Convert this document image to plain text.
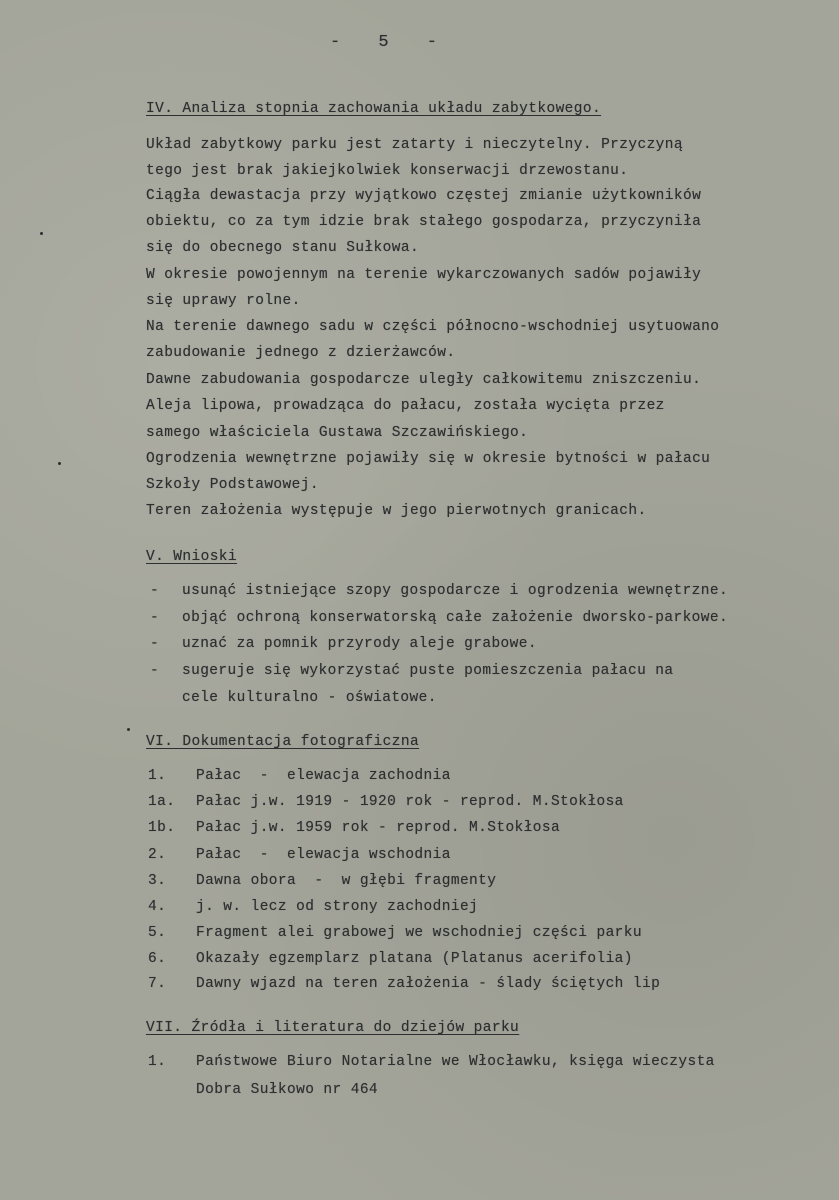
- 5 -
IV. Analiza stopnia zachowania układu zabytkowego.
Układ zabytkowy parku jest zatarty i nieczytelny. Przyczyną
tego jest brak jakiejkolwiek konserwacji drzewostanu.
Ciągła dewastacja przy wyjątkowo częstej zmianie użytkowników
obiektu, co za tym idzie brak stałego gospodarza, przyczyniła
się do obecnego stanu Sułkowa.
W okresie powojennym na terenie wykarczowanych sadów pojawiły
się uprawy rolne.
Na terenie dawnego sadu w części północno-wschodniej usytuowano
zabudowanie jednego z dzierżawców.
Dawne zabudowania gospodarcze uległy całkowitemu zniszczeniu.
Aleja lipowa, prowadząca do pałacu, została wycięta przez
samego właściciela Gustawa Szczawińskiego.
Ogrodzenia wewnętrzne pojawiły się w okresie bytności w pałacu
Szkoły Podstawowej.
Teren założenia występuje w jego pierwotnych granicach.
V. Wnioski
- usunąć istniejące szopy gospodarcze i ogrodzenia wewnętrzne.
- objąć ochroną konserwatorską całe założenie dworsko-parkowe.
- uznać za pomnik przyrody aleje grabowe.
- sugeruje się wykorzystać puste pomieszczenia pałacu na
cele kulturalno - oświatowe.
VI. Dokumentacja fotograficzna
1. Pałac  -  elewacja zachodnia
1a. Pałac j.w. 1919 - 1920 rok - reprod. M.Stokłosa
1b. Pałac j.w. 1959 rok - reprod. M.Stokłosa
2. Pałac  -  elewacja wschodnia
3. Dawna obora  -  w głębi fragmenty
4. j. w. lecz od strony zachodniej
5. Fragment alei grabowej we wschodniej części parku
6. Okazały egzemplarz platana (Platanus acerifolia)
7. Dawny wjazd na teren założenia - ślady ściętych lip
VII. Źródła i literatura do dziejów parku
1. Państwowe Biuro Notarialne we Włocławku, księga wieczysta
Dobra Sułkowo nr 464
